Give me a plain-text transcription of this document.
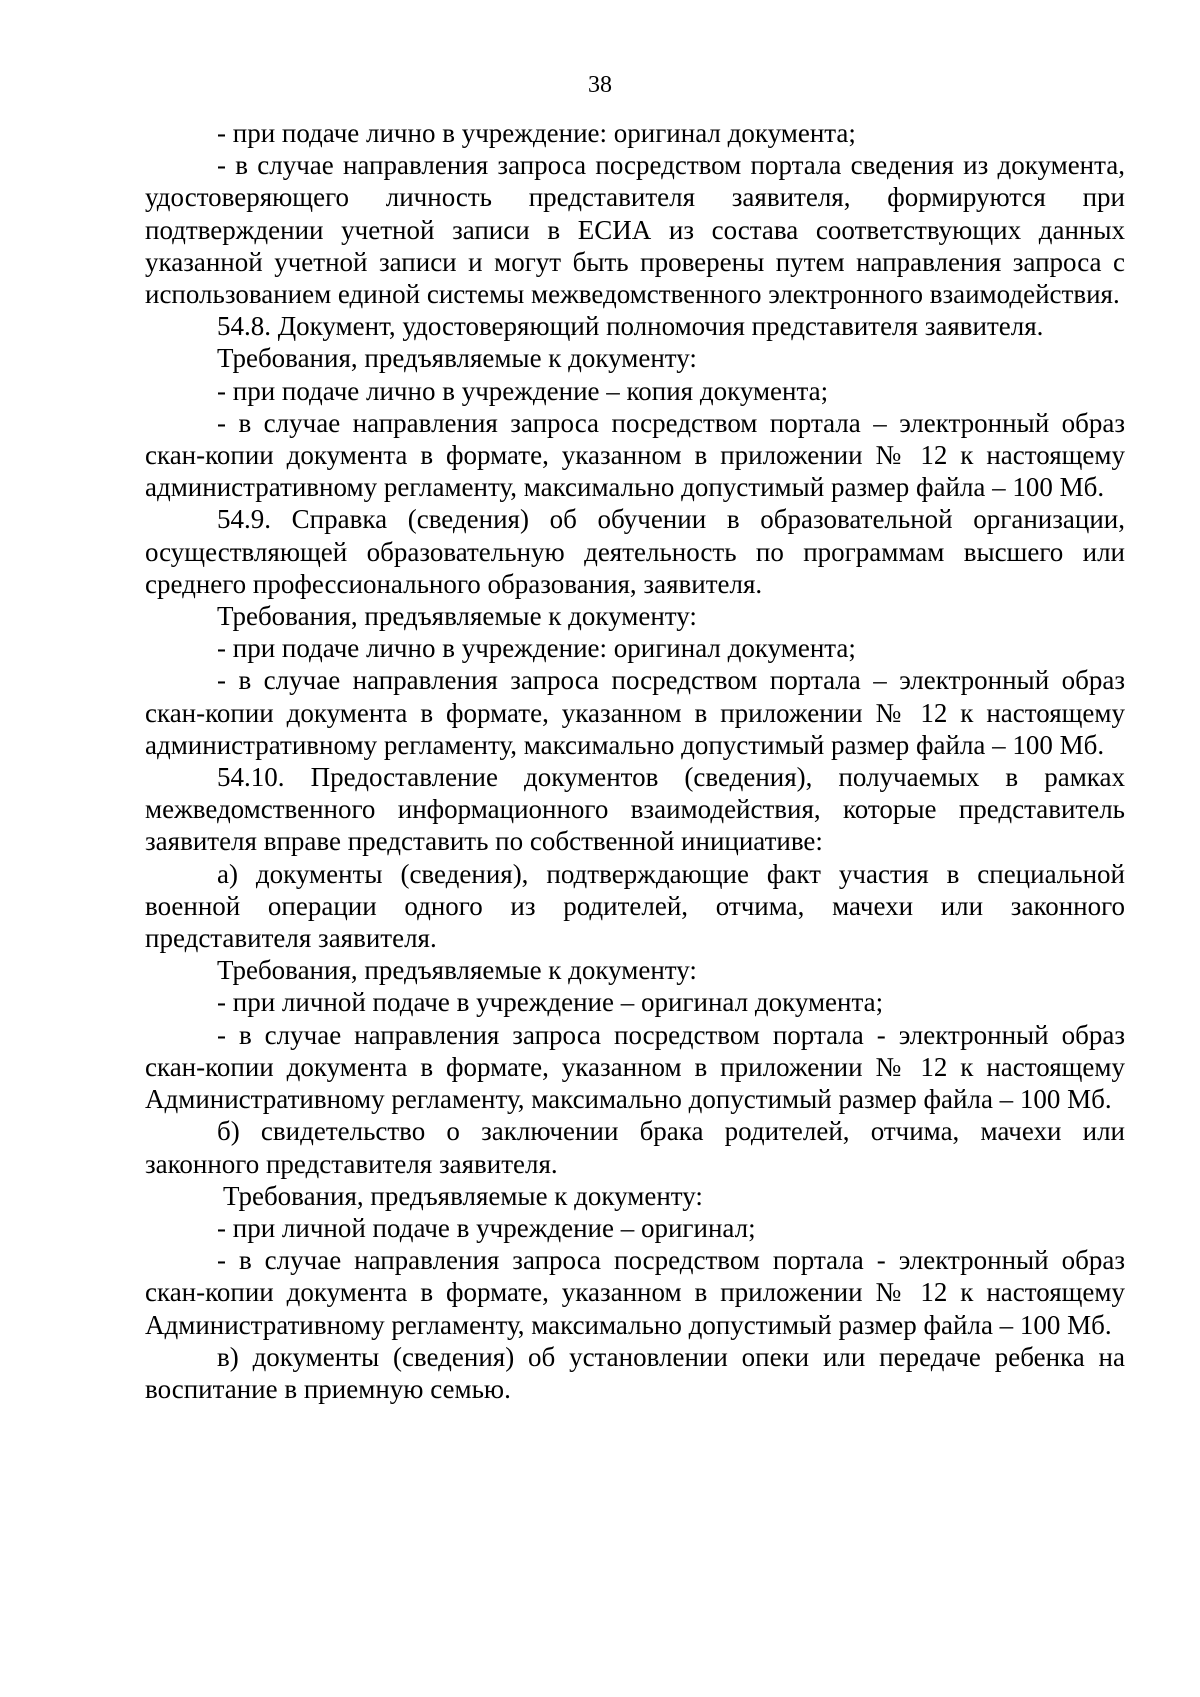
38

- при подаче лично в учреждение: оригинал документа;

- в случае направления запроса посредством портала сведения из документа, удостоверяющего личность представителя заявителя, формируются при подтверждении учетной записи в ЕСИА из состава соответствующих данных указанной учетной записи и могут быть проверены путем направления запроса с использованием единой системы межведомственного электронного взаимодействия.

54.8. Документ, удостоверяющий полномочия представителя заявителя.

Требования, предъявляемые к документу:

- при подаче лично в учреждение – копия документа;

- в случае направления запроса посредством портала – электронный образ скан-копии документа в формате, указанном в приложении № 12 к настоящему административному регламенту, максимально допустимый размер файла – 100 Мб.

54.9. Справка (сведения) об обучении в образовательной организации, осуществляющей образовательную деятельность по программам высшего или среднего профессионального образования, заявителя.

Требования, предъявляемые к документу:

- при подаче лично в учреждение: оригинал документа;

- в случае направления запроса посредством портала – электронный образ скан-копии документа в формате, указанном в приложении № 12 к настоящему административному регламенту, максимально допустимый размер файла – 100 Мб.

54.10. Предоставление документов (сведения), получаемых в рамках межведомственного информационного взаимодействия, которые представитель заявителя вправе представить по собственной инициативе:

а) документы (сведения), подтверждающие факт участия в специальной военной операции одного из родителей, отчима, мачехи или законного представителя заявителя.

Требования, предъявляемые к документу:

- при личной подаче в учреждение – оригинал документа;

- в случае направления запроса посредством портала - электронный образ скан-копии документа в формате, указанном в приложении № 12 к настоящему Административному регламенту, максимально допустимый размер файла – 100 Мб.

б) свидетельство о заключении брака родителей, отчима, мачехи или законного представителя заявителя.

Требования, предъявляемые к документу:

- при личной подаче в учреждение – оригинал;

- в случае направления запроса посредством портала - электронный образ скан-копии документа в формате, указанном в приложении № 12 к настоящему Административному регламенту, максимально допустимый размер файла – 100 Мб.

в) документы (сведения) об установлении опеки или передаче ребенка на воспитание в приемную семью.
